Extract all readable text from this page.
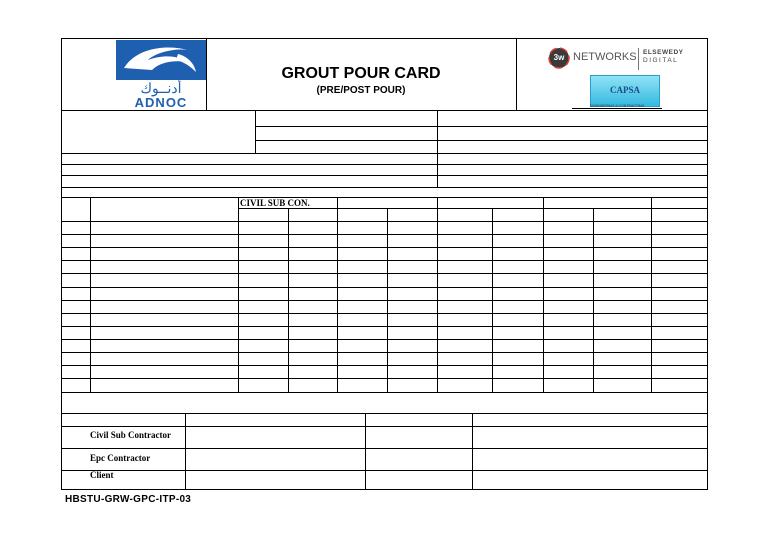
أدنــوك
ADNOC
GROUT POUR CARD
(PRE/POST POUR)
3w NETWORKS ELSEWEDY
DIGITAL
CAPSA
ENGINEERING & CONTRACTING
CIVIL SUB CON.
Civil Sub Contractor
Epc Contractor
Client
HBSTU-GRW-GPC-ITP-03
